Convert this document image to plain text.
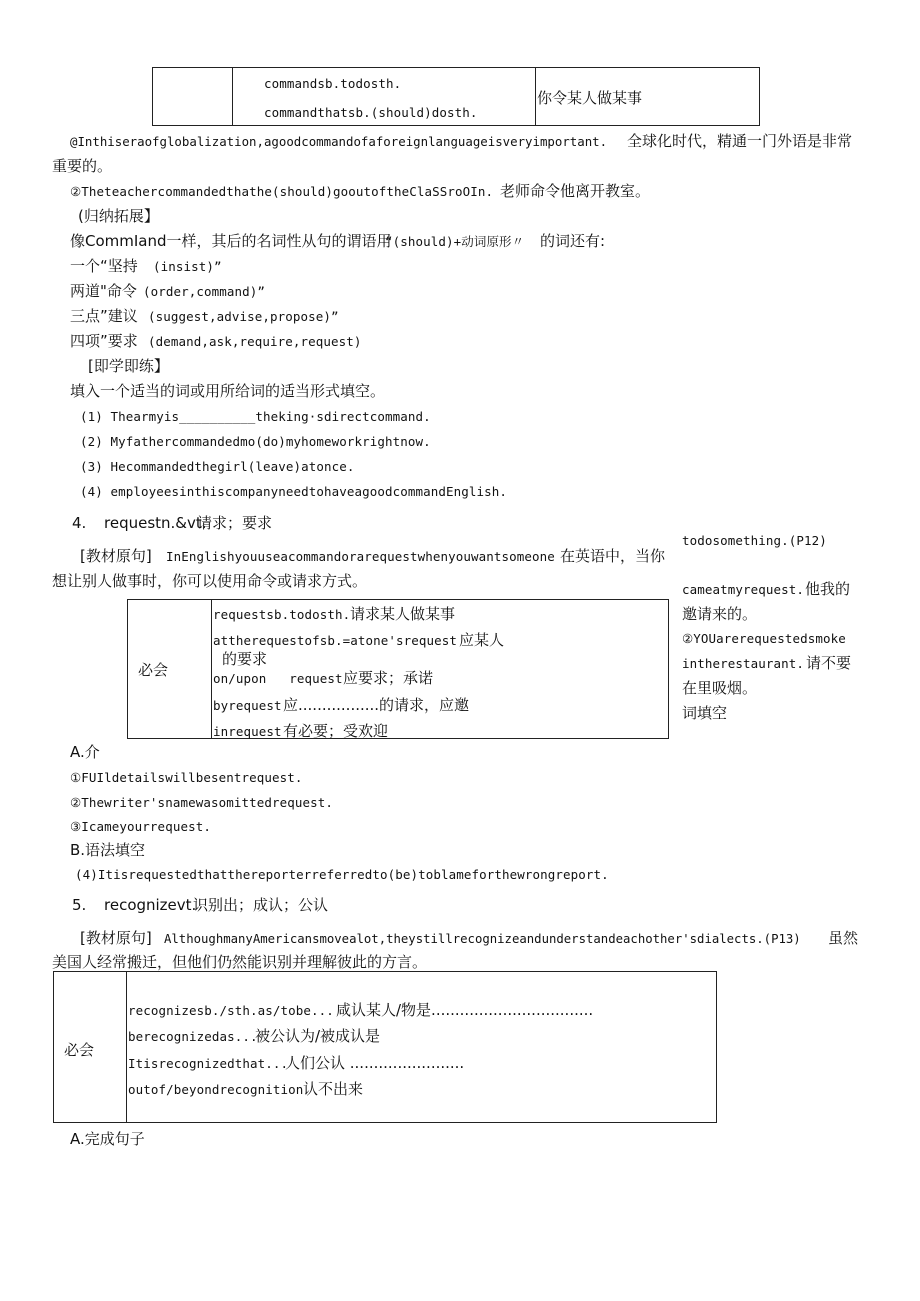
commandsb.todosth.
commandthatsb.(should)dosth.
你令某人做某事
@Inthiseraofglobalization,agoodcommandofaforeignlanguageisveryimportant. 全球化时代，精通一门外语是非常
重要的。
②Theteachercommandedthathe(should)gooutoftheClaSSroOIn. 老师命令他离开教室。
(归纳拓展】
像CommIand一样，其后的名词性从句的谓语用
“(should)+动词原形〃 的词还有:
一个“坚持 (insist)”
两道"命令 (order,command)”
三点”建议 (suggest,advise,propose)”
四项”要求 (demand,ask,require,request)
[即学即练】
填入一个适当的词或用所给词的适当形式填空。
(1) Thearmyis__________theking·sdirectcommand.
(2) Myfathercommandedmo(do)myhomeworkrightnow.
(3) Hecommandedthegirl(leave)atonce.
(4) employeesinthiscompanyneedtohaveagoodcommandEnglish.
4. requestn.&vt.
请求；要求
[教材原句] InEnglishyouuseacommandorarequestwhenyouwantsomeone 在英语中，当你
想让别人做事时，你可以使用命令或请求方式。
todosomething.(P12)
cameatmyrequest. 他我的
邀请来的。
②YOUarerequestedsmoke
intherestaurant. 请不要
在里吸烟。
词填空
必会
requestsb.todosth. 请求某人做某事
attherequestofsb.=atone'srequest 应某人
的要求
on/upon   request 应要求；承诺
byrequest 应.................的请求，应邀
inrequest 有必要；受欢迎
A.介
①FUIldetailswillbesentrequest.
②Thewriter'snamewasomittedrequest.
③Icameyourrequest.
B.语法填空
(4)Itisrequestedthatthereporterreferredto(be)toblameforthewrongreport.
5. recognizevt.
识别出；成认；公认
[教材原句] AlthoughmanyAmericansmovealot,theystillrecognizeandunderstandeachother'sdialects.(P13) 虽然
美国人经常搬迁，但他们仍然能识别并理解彼此的方言。
必会
recognizesb./sth.as/tobe... 咸认某人/物是..................................
berecognizedas...
被公认为/被成认是
Itisrecognizedthat...
人们公认 ........................
outof/beyondrecognition 认不出来
A.完成句子
